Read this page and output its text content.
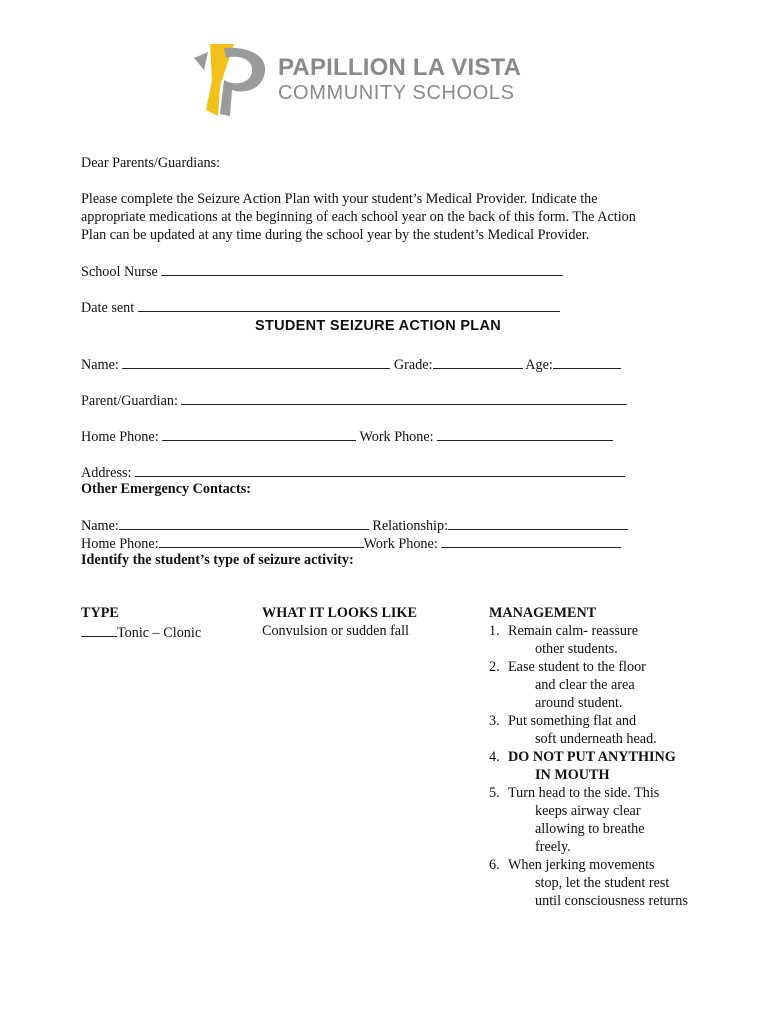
PAPILLION LA VISTA
COMMUNITY SCHOOLS
Dear Parents/Guardians:
Please complete the Seizure Action Plan with your student’s Medical Provider. Indicate the
appropriate medications at the beginning of each school year on the back of this form. The Action
Plan can be updated at any time during the school year by the student’s Medical Provider.
School Nurse
Date sent
STUDENT SEIZURE ACTION PLAN
Name:	Grade:	Age:
Parent/Guardian:
Home Phone:	Work Phone:
Address:
Other Emergency Contacts:
Name:	Relationship:
Home Phone:	Work Phone:
Identify the student’s type of seizure activity:
TYPE	WHAT IT LOOKS LIKE	MANAGEMENT
Tonic – Clonic	Convulsion or sudden fall	1. Remain calm- reassure
other students.
2. Ease student to the floor
and clear the area
around student.
3. Put something flat and
soft underneath head.
4. DO NOT PUT ANYTHING
IN MOUTH
5. Turn head to the side. This
keeps airway clear
allowing to breathe
freely.
6. When jerking movements
stop, let the student rest
until consciousness returns
